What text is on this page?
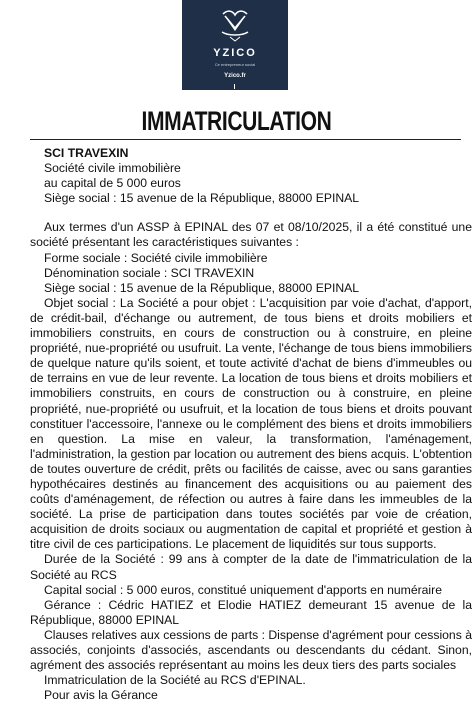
YZICO
Ce entrepreneur social
Yzico.fr
IMMATRICULATION

SCI TRAVEXIN

Société civile immobilière

au capital de 5 000 euros

Siège social : 15 avenue de la République, 88000 EPINAL

Aux termes d'un ASSP à EPINAL des 07 et 08/10/2025, il a été constitué une société présentant les caractéristiques suivantes :

Forme sociale : Société civile immobilière

Dénomination sociale : SCI TRAVEXIN

Siège social : 15 avenue de la République, 88000 EPINAL

Objet social : La Société a pour objet : L'acquisition par voie d'achat, d'apport, de crédit-bail, d'échange ou autrement, de tous biens et droits mobiliers et immobiliers construits, en cours de construction ou à construire, en pleine propriété, nue-propriété ou usufruit. La vente, l'échange de tous biens immobiliers de quelque nature qu'ils soient, et toute activité d'achat de biens d'immeubles ou de terrains en vue de leur revente. La location de tous biens et droits mobiliers et immobiliers construits, en cours de construction ou à construire, en pleine propriété, nue-propriété ou usufruit, et la location de tous biens et droits pouvant constituer l'accessoire, l'annexe ou le complément des biens et droits immobiliers en question. La mise en valeur, la transformation, l'aménagement, l'administration, la gestion par location ou autrement des biens acquis. L'obtention de toutes ouverture de crédit, prêts ou facilités de caisse, avec ou sans garanties hypothécaires destinés au financement des acquisitions ou au paiement des coûts d'aménagement, de réfection ou autres à faire dans les immeubles de la société. La prise de participation dans toutes sociétés par voie de création, acquisition de droits sociaux ou augmentation de capital et propriété et gestion à titre civil de ces participations. Le placement de liquidités sur tous supports.

Durée de la Société : 99 ans à compter de la date de l'immatriculation de la Société au RCS

Capital social : 5 000 euros, constitué uniquement d'apports en numéraire

Gérance : Cédric HATIEZ et Elodie HATIEZ demeurant 15 avenue de la République, 88000 EPINAL

Clauses relatives aux cessions de parts : Dispense d'agrément pour cessions à associés, conjoints d'associés, ascendants ou descendants du cédant. Sinon, agrément des associés représentant au moins les deux tiers des parts sociales

Immatriculation de la Société au RCS d'EPINAL.

Pour avis la Gérance
